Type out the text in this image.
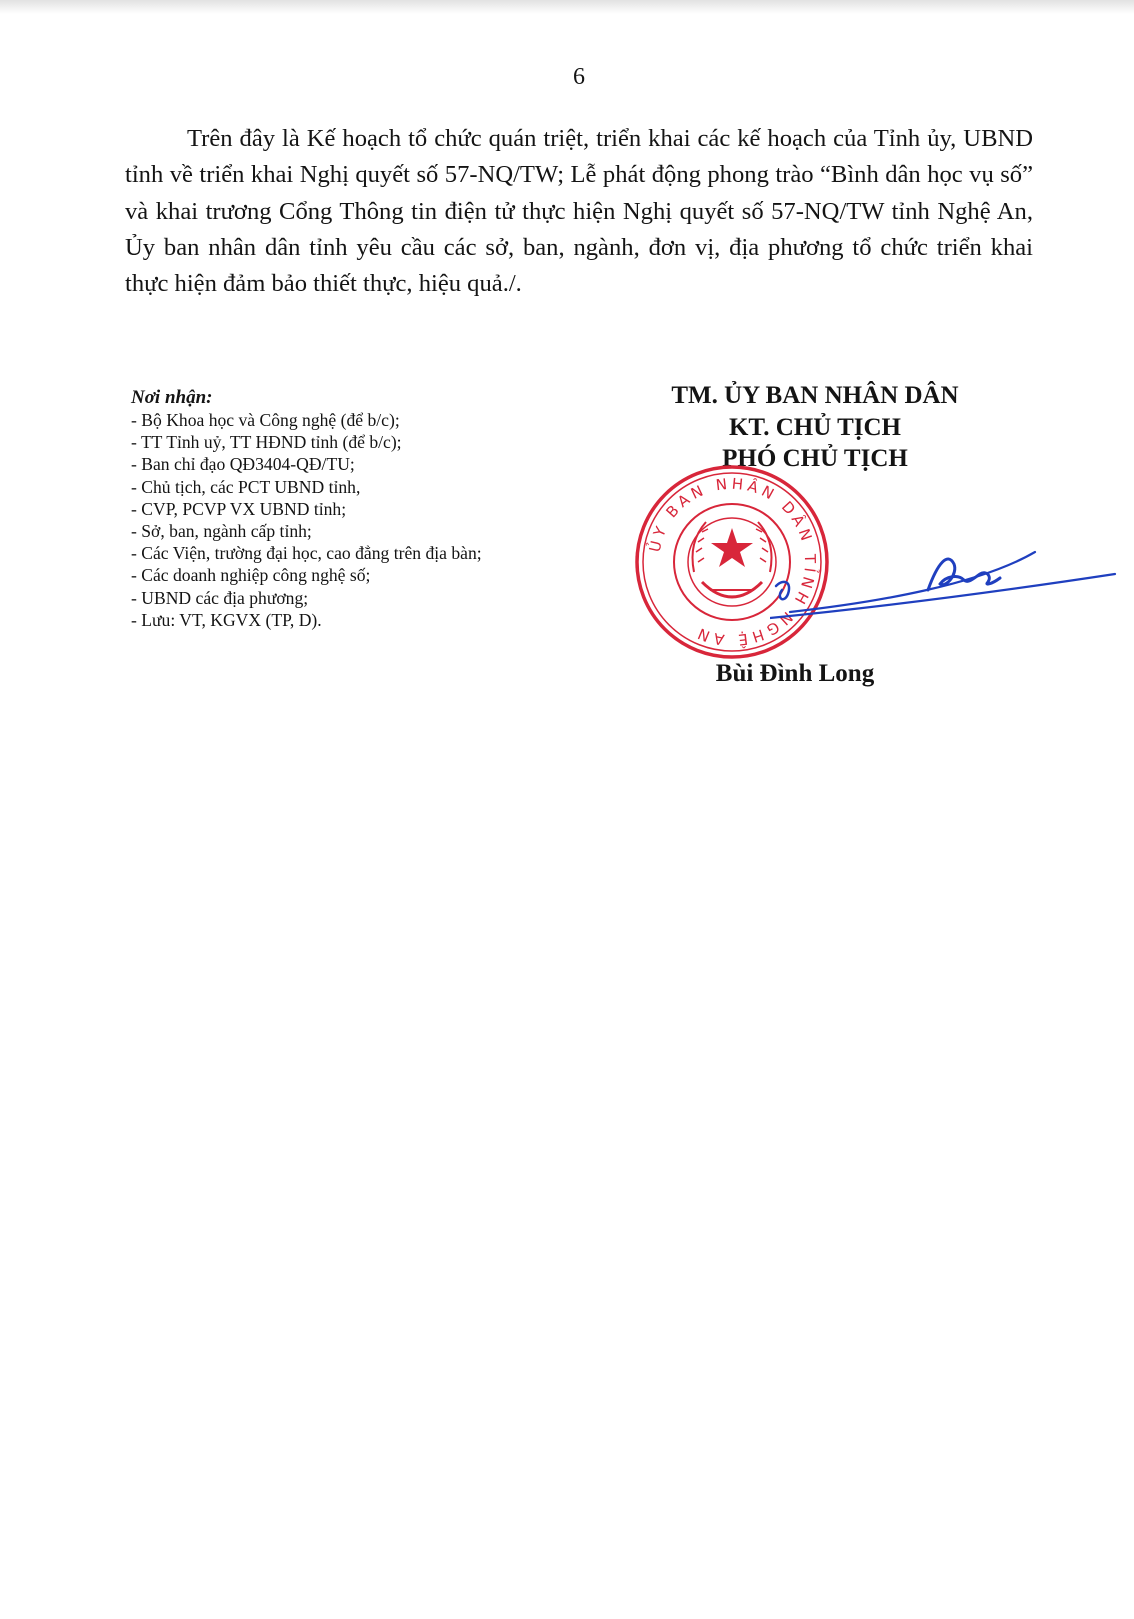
6

Trên đây là Kế hoạch tổ chức quán triệt, triển khai các kế hoạch của Tỉnh ủy, UBND tỉnh về triển khai Nghị quyết số 57-NQ/TW; Lễ phát động phong trào “Bình dân học vụ số” và khai trương Cổng Thông tin điện tử thực hiện Nghị quyết số 57-NQ/TW tỉnh Nghệ An, Ủy ban nhân dân tỉnh yêu cầu các sở, ban, ngành, đơn vị, địa phương tổ chức triển khai thực hiện đảm bảo thiết thực, hiệu quả./.

Nơi nhận:
- Bộ Khoa học và Công nghệ (để b/c);
- TT Tỉnh uỷ, TT HĐND tỉnh (để b/c);
- Ban chỉ đạo QĐ3404-QĐ/TU;
- Chủ tịch, các PCT UBND tỉnh,
- CVP, PCVP VX UBND tỉnh;
- Sở, ban, ngành cấp tỉnh;
- Các Viện, trường đại học, cao đẳng trên địa bàn;
- Các doanh nghiệp công nghệ số;
- UBND các địa phương;
- Lưu: VT, KGVX (TP, D).
TM. ỦY BAN NHÂN DÂN
KT. CHỦ TỊCH
PHÓ CHỦ TỊCH
ỦY BAN NHÂN DÂN TỈNH NGHỆ AN
Bùi Đình Long
